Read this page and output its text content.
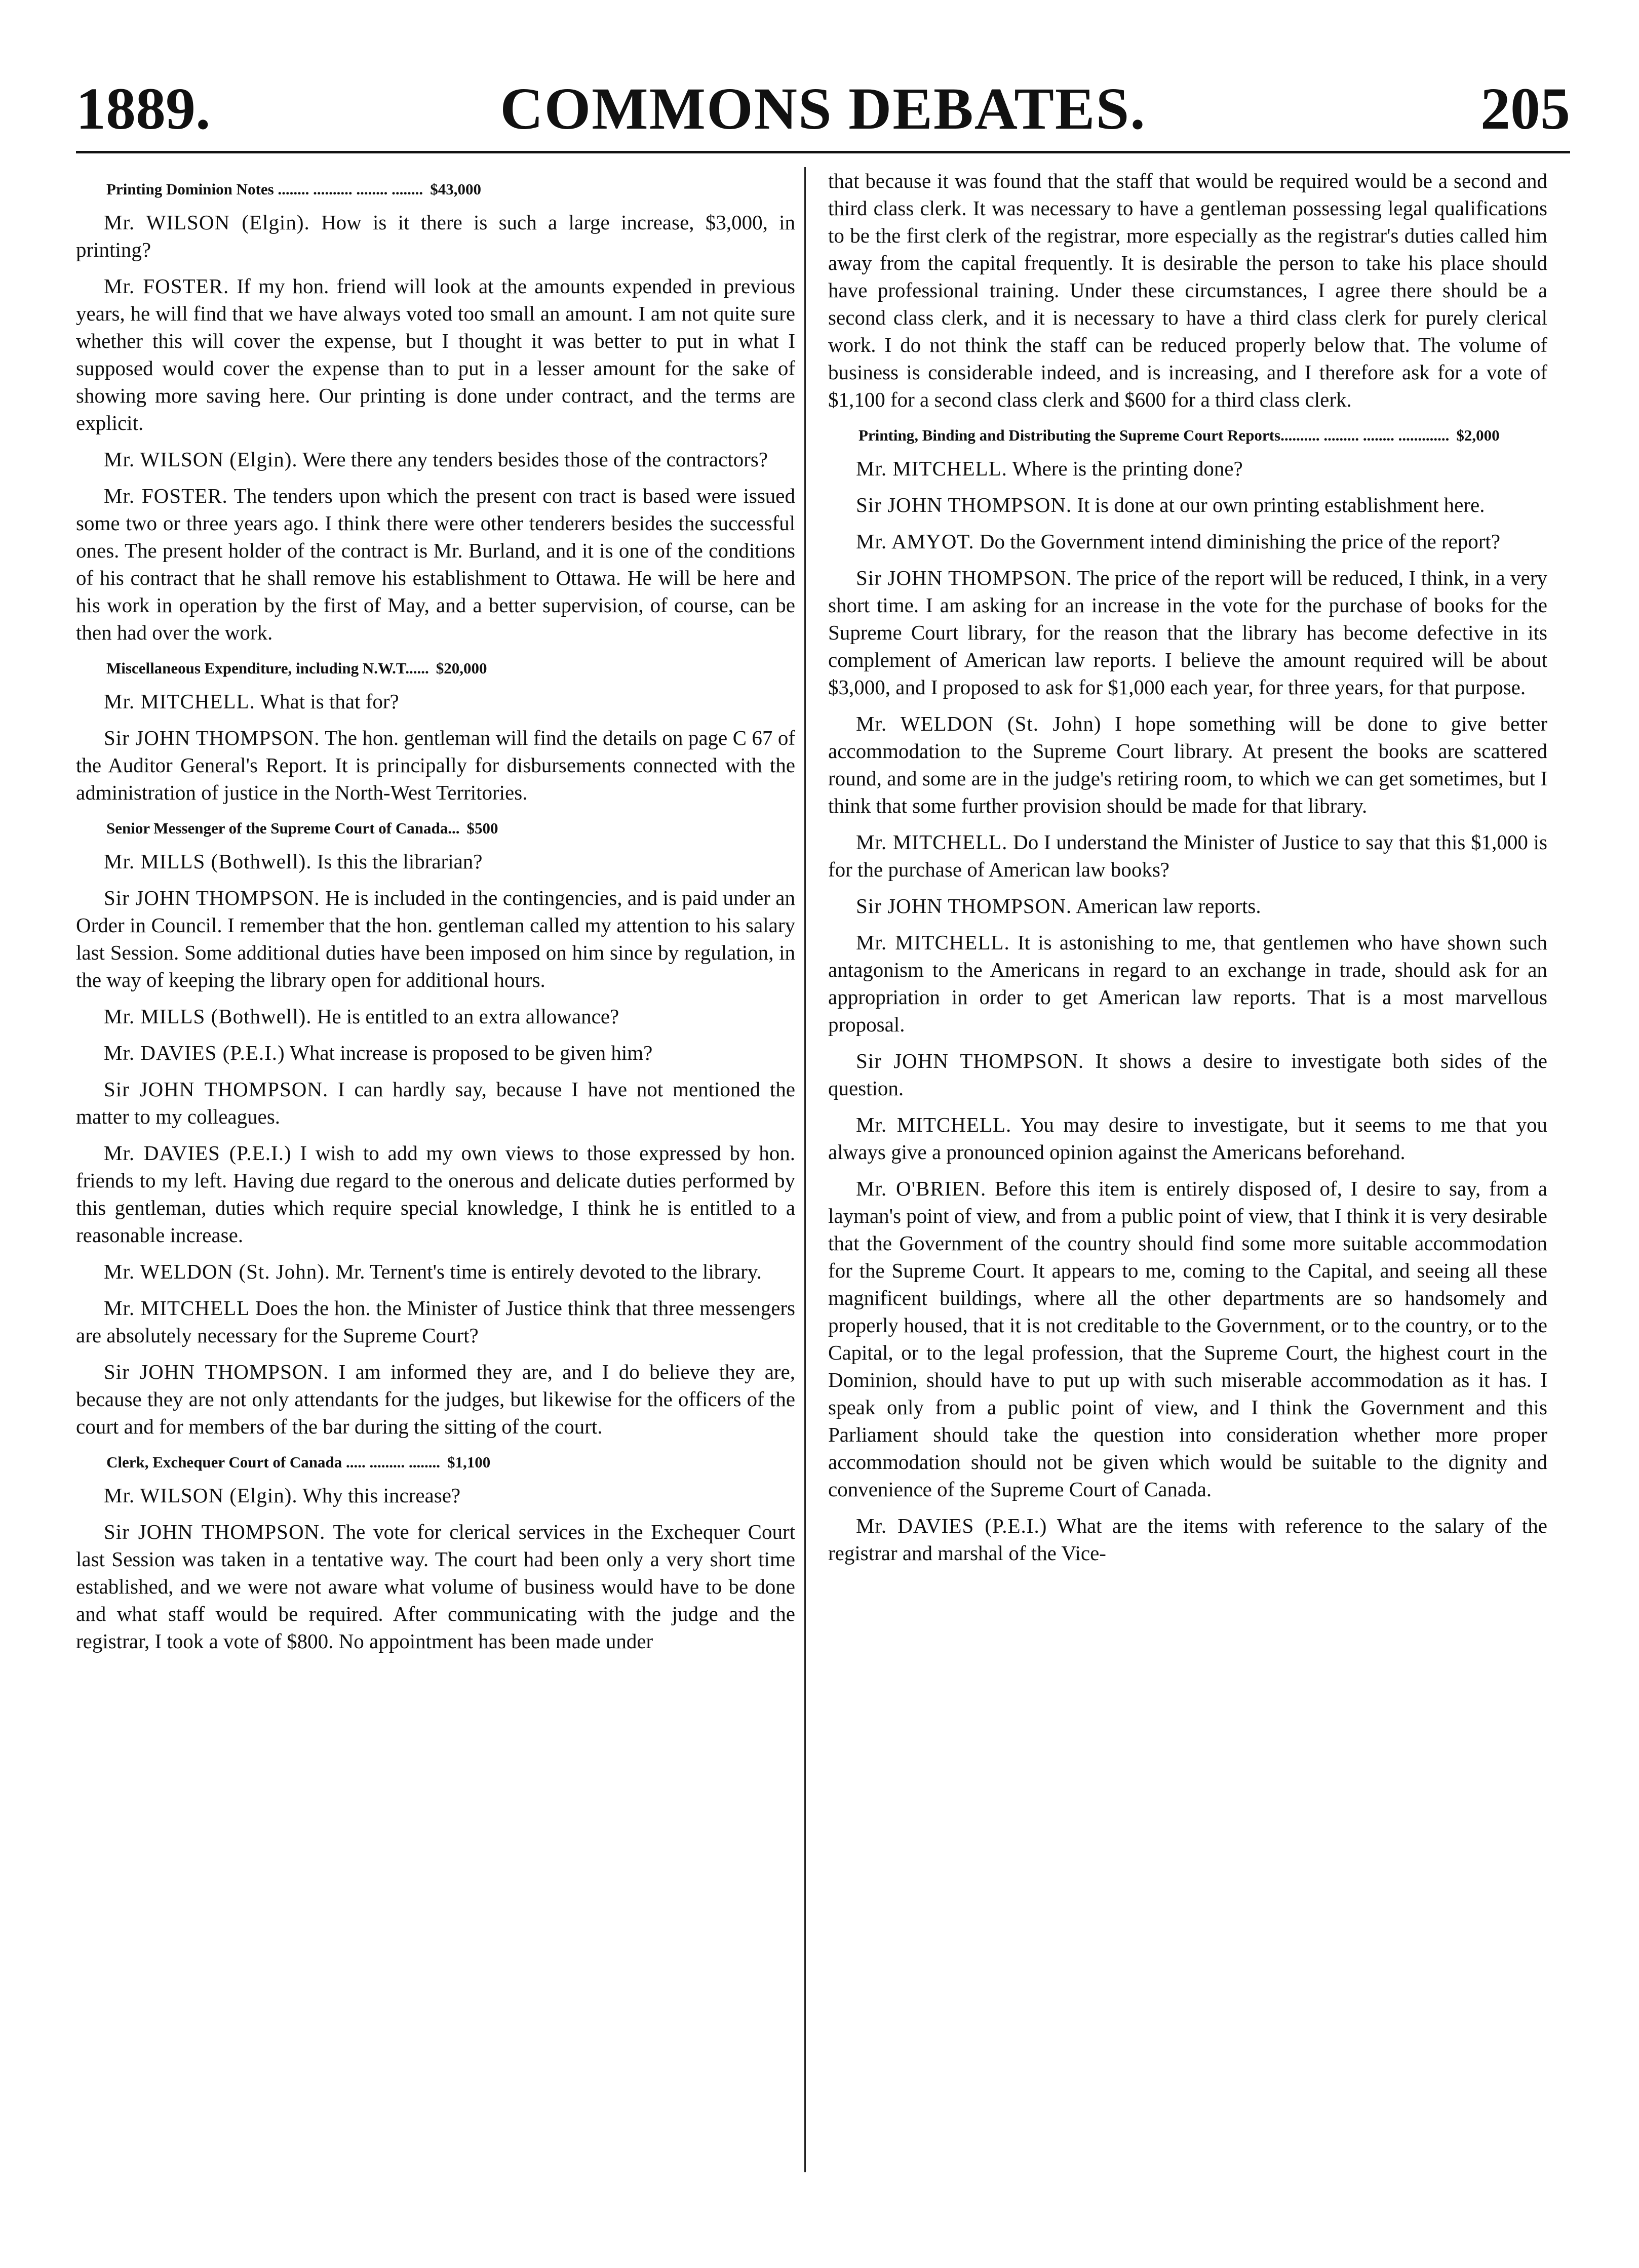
COMMONS DEBATES.
1889.	205
Printing Dominion Notes ........ .......... ........ ........ $43,000

Mr. WILSON (Elgin). How is it there is such a large increase, $3,000, in printing?

Mr. FOSTER. If my hon. friend will look at the amounts expended in previous years, he will find that we have always voted too small an amount. I am not quite sure whether this will cover the expense, but I thought it was better to put in what I supposed would cover the expense than to put in a lesser amount for the sake of showing more saving here. Our printing is done under contract, and the terms are explicit.

Mr. WILSON (Elgin). Were there any tenders besides those of the contractors?

Mr. FOSTER. The tenders upon which the present con tract is based were issued some two or three years ago. I think there were other tenderers besides the successful ones. The present holder of the contract is Mr. Burland, and it is one of the conditions of his contract that he shall remove his establishment to Ottawa. He will be here and his work in operation by the first of May, and a better supervision, of course, can be then had over the work.

Miscellaneous Expenditure, including N.W.T...... $20,000

Mr. MITCHELL. What is that for?

Sir JOHN THOMPSON. The hon. gentleman will find the details on page C 67 of the Auditor General's Report. It is principally for disbursements connected with the administration of justice in the North-West Territories.

Senior Messenger of the Supreme Court of Canada... $500

Mr. MILLS (Bothwell). Is this the librarian?

Sir JOHN THOMPSON. He is included in the contingencies, and is paid under an Order in Council. I remember that the hon. gentleman called my attention to his salary last Session. Some additional duties have been imposed on him since by regulation, in the way of keeping the library open for additional hours.

Mr. MILLS (Bothwell). He is entitled to an extra allowance?

Mr. DAVIES (P.E.I.) What increase is proposed to be given him?

Sir JOHN THOMPSON. I can hardly say, because I have not mentioned the matter to my colleagues.

Mr. DAVIES (P.E.I.) I wish to add my own views to those expressed by hon. friends to my left. Having due regard to the onerous and delicate duties performed by this gentleman, duties which require special knowledge, I think he is entitled to a reasonable increase.

Mr. WELDON (St. John). Mr. Ternent's time is entirely devoted to the library.

Mr. MITCHELL Does the hon. the Minister of Justice think that three messengers are absolutely necessary for the Supreme Court?

Sir JOHN THOMPSON. I am informed they are, and I do believe they are, because they are not only attendants for the judges, but likewise for the officers of the court and for members of the bar during the sitting of the court.

Clerk, Exchequer Court of Canada ..... ......... ........ $1,100

Mr. WILSON (Elgin). Why this increase?

Sir JOHN THOMPSON. The vote for clerical services in the Exchequer Court last Session was taken in a tentative way. The court had been only a very short time established, and we were not aware what volume of business would have to be done and what staff would be required. After communicating with the judge and the registrar, I took a vote of $800. No appointment has been made under

that because it was found that the staff that would be required would be a second and third class clerk. It was necessary to have a gentleman possessing legal qualifications to be the first clerk of the registrar, more especially as the registrar's duties called him away from the capital frequently. It is desirable the person to take his place should have professional training. Under these circumstances, I agree there should be a second class clerk, and it is necessary to have a third class clerk for purely clerical work. I do not think the staff can be reduced properly below that. The volume of business is considerable indeed, and is increasing, and I therefore ask for a vote of $1,100 for a second class clerk and $600 for a third class clerk.

Printing, Binding and Distributing the Supreme Court Reports.......... ......... ........ ............. $2,000

Mr. MITCHELL. Where is the printing done?

Sir JOHN THOMPSON. It is done at our own printing establishment here.

Mr. AMYOT. Do the Government intend diminishing the price of the report?

Sir JOHN THOMPSON. The price of the report will be reduced, I think, in a very short time. I am asking for an increase in the vote for the purchase of books for the Supreme Court library, for the reason that the library has become defective in its complement of American law reports. I believe the amount required will be about $3,000, and I proposed to ask for $1,000 each year, for three years, for that purpose.

Mr. WELDON (St. John) I hope something will be done to give better accommodation to the Supreme Court library. At present the books are scattered round, and some are in the judge's retiring room, to which we can get sometimes, but I think that some further provision should be made for that library.

Mr. MITCHELL. Do I understand the Minister of Justice to say that this $1,000 is for the purchase of American law books?

Sir JOHN THOMPSON. American law reports.

Mr. MITCHELL. It is astonishing to me, that gentlemen who have shown such antagonism to the Americans in regard to an exchange in trade, should ask for an appropriation in order to get American law reports. That is a most marvellous proposal.

Sir JOHN THOMPSON. It shows a desire to investigate both sides of the question.

Mr. MITCHELL. You may desire to investigate, but it seems to me that you always give a pronounced opinion against the Americans beforehand.

Mr. O'BRIEN. Before this item is entirely disposed of, I desire to say, from a layman's point of view, and from a public point of view, that I think it is very desirable that the Government of the country should find some more suitable accommodation for the Supreme Court. It appears to me, coming to the Capital, and seeing all these magnificent buildings, where all the other departments are so handsomely and properly housed, that it is not creditable to the Government, or to the country, or to the Capital, or to the legal profession, that the Supreme Court, the highest court in the Dominion, should have to put up with such miserable accommodation as it has. I speak only from a public point of view, and I think the Government and this Parliament should take the question into consideration whether more proper accommodation should not be given which would be suitable to the dignity and convenience of the Supreme Court of Canada.

Mr. DAVIES (P.E.I.) What are the items with reference to the salary of the registrar and marshal of the Vice-
